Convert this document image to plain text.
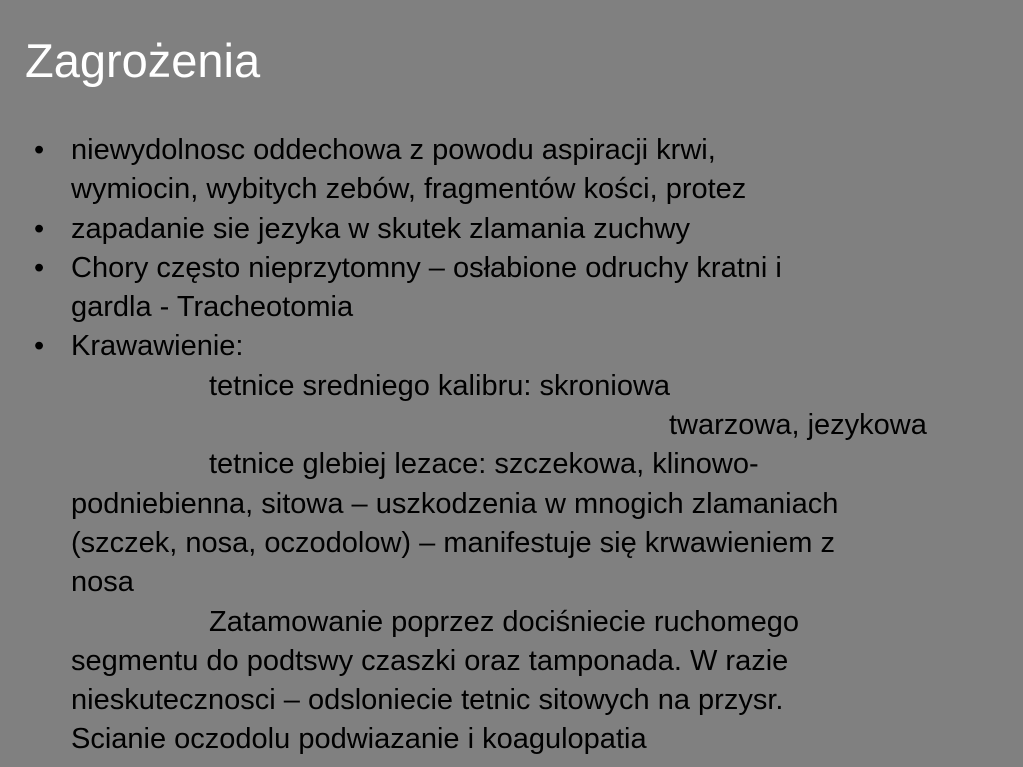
Zagrożenia
• niewydolnosc oddechowa z powodu aspiracji krwi,
wymiocin, wybitych zebów, fragmentów kości, protez
• zapadanie sie jezyka w skutek zlamania zuchwy
• Chory często nieprzytomny – osłabione odruchy kratni i
gardla - Tracheotomia
• Krawawienie:
tetnice sredniego kalibru: skroniowa
twarzowa, jezykowa
tetnice glebiej lezace: szczekowa, klinowo-
podniebienna, sitowa – uszkodzenia w mnogich zlamaniach
(szczek, nosa, oczodolow) – manifestuje się krwawieniem z
nosa
Zatamowanie poprzez dociśniecie ruchomego
segmentu do podtswy czaszki oraz tamponada. W razie
nieskutecznosci – odsloniecie tetnic sitowych na przysr.
Scianie oczodolu podwiazanie i koagulopatia
